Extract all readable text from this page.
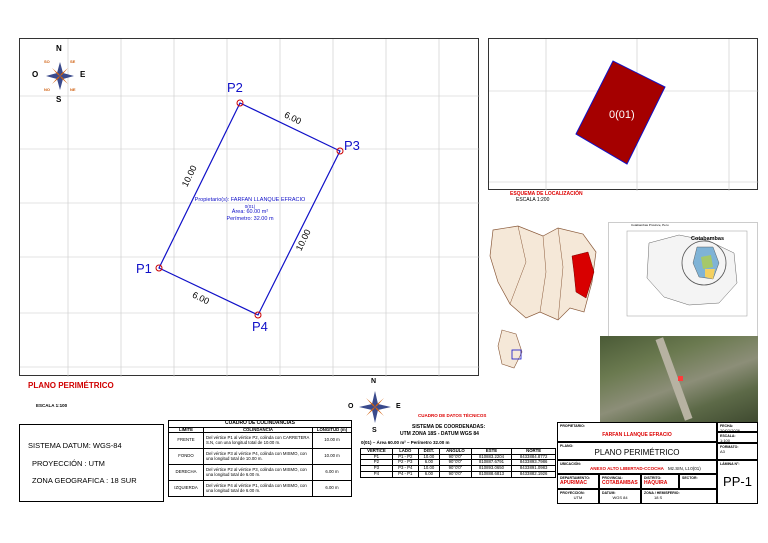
N
S
O	E
SO	SE
NO	NE
P1
P2
P3
P4
10.00
6.00
10.00
6.00
Propietario(s): FARFAN LLANQUE EFRACIO
0(01)
Área: 60.00 m²
Perímetro: 32.00 m
0(01)
ESQUEMA DE LOCALIZACIÓN
ESCALA 1:200
Cotabambas
Cotabambas Province, Peru
PLANO PERIMÉTRICO
ESCALA 1:100
SISTEMA DATUM: WGS-84
PROYECCIÓN : UTM
ZONA GEOGRAFICA : 18 SUR
CUADRO DE COLINDANCIAS		
LIMITE	COLINDANCIA	LONGITUD (m)
FRENTE	Del vértice P1 al vértice P2, colinda con CARRETERA S.N, con una longitud total de 10.00 m.	10.00 m
FONDO	Del vértice P3 al vértice P4, colinda con MISMO, con una longitud total de 10.00 m.	10.00 m
DERECHA	Del vértice P2 al vértice P3, colinda con MISMO, con una longitud total de 6.00 m.	6.00 m
IZQUIERDA	Del vértice P4 al vértice P1, colinda con MISMO, con una longitud total de 6.00 m.	6.00 m
N
S
O	E
CUADRO DE DATOS TÉCNICOS
SISTEMA DE COORDENADAS:
UTM ZONA 18S - DATUM WGS 84
0(01) – Área 60.00 m² – Perímetro 32.00 m
VERTICE	LADO	DIST.	ANGULO	ESTE	NORTE
P1	P1 - P2	10.00	90°0'0"	810883.2204	8433884.8772
P2	P2 - P3	6.00	90°0'0"	810887.6791	8433893.7986
P3	P3 - P4	10.00	90°0'0"	810893.0650	8433891.0983
P4	P4 - P1	6.00	90°0'0"	810888.6813	8433882.1926
PROPIETARIO:
FARFAN LLANQUE EFRACIO
FECHA:
20/02/2026
ESCALA:
1:100
PLANO:
PLANO PERIMÉTRICO
FORMATO:
A3
UBICACIÓN:
ANEXO ALTO LIBERTAD-CCOCHA Mz.SIN, Lt.0(01)
LÁMINA N°:
PP-1
DEPARTAMENTO:
APURIMAC
PROVINCIA:
COTABAMBAS
DISTRITO:
HAQUIRA
SECTOR:
PROYECCION:
UTM
DATUM:
WGS 84
ZONA / HEMISFERIO:
18 S
